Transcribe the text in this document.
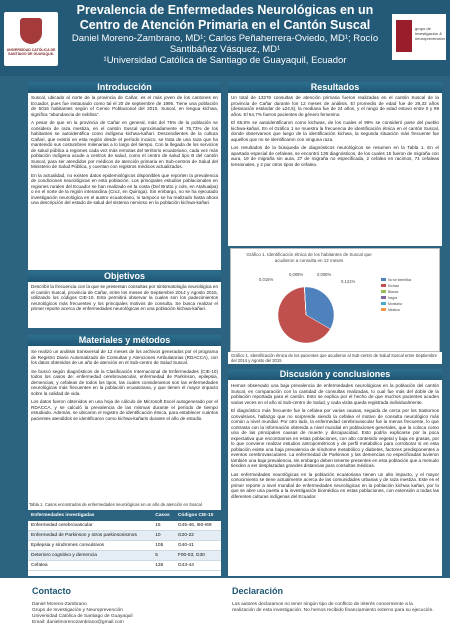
UNIVERSIDAD CATÓLICA DE SANTIAGO DE GUAYAQUIL
Prevalencia de Enfermedades Neurológicas en un Centro de Atención Primaria en el Cantón Suscal
Daniel Moreno-Zambrano, MD¹; Carlos Peñaherrera-Oviedo, MD¹; Rocío Santibáñez Vásquez, MD¹
¹Universidad Católica de Santiago de Guayaquil, Ecuador
grupo de investigación & neuroprevención
Introducción

Suscal, ubicado al norte de la provincia de Cañar, es el más joven de los cantones en Ecuador, pues fue instaurado como tal el 20 de septiembre de 1996. Tiene una población de 5016 habitantes según el Censo Poblacional del 2010. Suscal, en lengua kichwa, significa "abundancia de neblina".

A pesar de que en la provincia de Cañar en general, más del 75% de la población se considera de raza mestiza, en el cantón Suscal aproximadamente el 76,73% de los habitantes se autoidentifica como indígena kichwa-kañari. Descendientes de la cultura Cañari, que existió en esta región desde el período incaico, se trata de una raza que ha mantenido sus costumbres milenarias a lo largo del tiempo. Con la llegada de los servicios de salud pública a regiones cada vez más remotas del territorio ecuatoriano, cada vez más población indígena acude a centros de salud, como el centro de salud tipo B del cantón Suscal, para ser atendidos por médicos de atención primaria en Sub-centros de Salud del Ministerio de Salud Pública, y cuentan con registros médicos actualizados.

En la actualidad, no existen datos epidemiológicos disponibles que reporten la prevalencia de condiciones neurológicas en esta población. Los principales estudios poblacionales en regiones rurales del Ecuador se han realizado en la costa (Del Brutto y cols, en Atahualpa) o en el norte de la región interandina (Cruz, en Quiroga). Sin embargo, no se ha ejecutado investigación neurológica en el austro ecuatoriano, ni tampoco se ha realizado hasta ahora una descripción del estado de salud del sistema nervioso en la población kichwa-kañari.

Objetivos

Describir la frecuencia con la que se presentan consultas por sintomatología neurológica en el cantón Suscal, provincia de Cañar, entre los meses de Septiembre 2014 y Agosto 2015, utilizando los códigos CIE-10. Esto permitirá observar la cuales son los padecimientos neurológicos más frecuentes y los principales motivos de consulta. Se busca realizar el primer reporte acerca de enfermedades neurológicas en una población kichwa-kañari.

Materiales y métodos

Se realizó un análisis transversal de 12 meses de los archivos generados por el programa de Registro Diario Automatizado de Consultas y Atenciones Ambulatorias (RDACCA), con los datos obtenidos de un año de atención en el Sub-centro de Salud Suscal.

Se buscó según diagnósticos de la Clasificación Internacional de Enfermedades (CIE-10) todos los casos de: enfermedad cerebrovascular, enfermedad de Parkinson, epilepsia, demencias, y cefaleas de todos los tipos, las cuales consideramos son las enfermedades neurológicas más frecuentes en la población ecuatoriana, y que tienen el mayor impacto sobre la calidad de vida.

Los datos fueron obtenidos en una hoja de cálculo de Microsoft Excel autogenerado por el RDACCA, y se calculó la prevalencia de las mismas durante el período de tiempo estudiado. Además, se ubicaron el registro de identificación étnica, para establecer cuántos pacientes atendidos se identificaron como kichwa-kañaris durante el año de estudio.

Tabla 1. Casos encontrados de enfermedades neurológicas en un año de atención en Suscal
Enfermedades investigadas	Casos	Códigos CIE-10
Enfermedad cerebrovascular	15	G45-46, I60-I69
Enfermedad de Parkinson y otros parkinsonismos	10	G20-22
Epilepsia y síndromes convulsivos	105	G40-41
Deterioro cognitivo y demencia	5	F00-03, G30
Cefalea	136	G43-44
Resultados

Un total de 13276 consultas de atención primaria fueron realizadas en el cantón Suscal de la provincia de Cañar durante los 12 meses de análisis. El promedio de edad fue de 29,33 años (desviación estándar de ±24,5), la mediana fue de 24 años, y el rango de edad estuvo entre 0 y 99 años. El 64,7% fueron pacientes de género femenino.

El 65,8% se autoidentificaron como kichwas, de los cuales el 99% se consideró parte del pueblo kichwa-kañari. En el Gráfico 1 se muestra la frecuencia de identificación étnica en el cantón Suscal, donde observamos que luego de la identificación kichwa, la segunda situación más frecuente fue aquellos que no se identificaron con ninguna raza.

Los resultados de la búsqueda de diagnósticos neurológicos se resumen en la Tabla 1. En el apartado especial de cefaleas, se encontró 136 diagnósticos, de los cuales 15 fueron de migraña con aura, 19 de migraña sin aura, 27 de migraña no especificada, 2 cefalea en racimos, 71 cefaleas tensionales, y 2 por otros tipos de cefalea.

Gráfico 1. Identificación étnica de los habitantes de Suscal que acudieron a consulta en 12 meses
0,015%
0,008%	0,008%
0,121%	No se identifica
Kichwa
Blanca
Negra
Montubia
Mestiza
Gráfico 1. Identificación étnica de los pacientes que acudieron al Sub-centro de Salud Suscal entre Septiembre del 2014 y Agosto del 2015
Discusión y conclusiones

Hemos observado una baja prevalencia de enfermedades neurológicas en la población del cantón Suscal, en comparación con la cantidad de consultas realizadas, lo cual fue más del doble de la población reportada para el cantón. Esto se explica por el hecho de que muchos pacientes acuden varias veces en el año al Sub-centro de Salud, y cada visita queda registrada individualmente.

El diagnóstico más frecuente fue la cefalea por varias causas, seguida de cerca por los trastornos convulsivos, hallazgo que no sorprende siendo la cefalea el motivo de consulta neurológico más común a nivel mundial. Por otro lado, la enfermedad cerebrovascular fue la menos frecuente, lo que contrasta con la información obtenida a nivel mundial en poblaciones generales, que la coloca como una de las principales causas de muerte y discapacidad. Esto podría explicarse por la poca expectativa que encontramos en estas poblaciones, con alto contenido vegetal y baja en grasas, por lo que conviene realizar estudios antropométricos y de perfil metabólico para corroborar si en esta población existe una baja prevalencia de síndrome metabólico y diabetes, factores predisponentes a eventos cerebrovasculares. La enfermedad de Parkinson y las demencias no especificadas tuvieron también una baja prevalencia, sin embargo deben tenerse presentes en esta población que a menudo tienden a ser desplazadas grandes distancias para consultas médicas.

Las enfermedades neurológicas en la población ecuatoriana tienen un alto impacto, y el mayor conocimiento se tiene actualmente acerca de las comunidades urbanas y de raza mestiza. Este es el primer reporte a nivel mundial de enfermedades neurológicas en la población kichwa kañari, por lo que se abre una puerta a la investigación biomédica en estas poblaciones, con extensión a todas las diferentes culturas indígenas del Ecuador.

Contacto
Daniel Moreno-Zambrano
Grupo de Investigación y Neuroprevención
Universidad Católica de Santiago de Guayaquil
Email: danielmorenozambrano@gmail.com
Declaración
Los autores declaramos no tener ningún tipo de conflicto de interés concerniente a la realización de esta investigación. No hemos recibido financiamiento externo para su ejecución.
